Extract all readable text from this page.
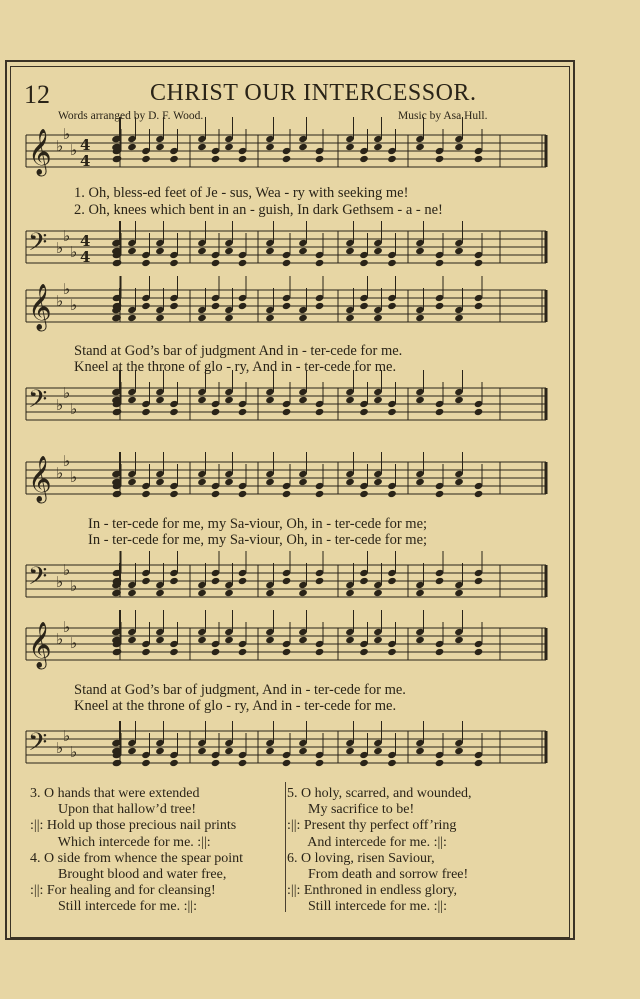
12	CHRIST OUR INTERCESSOR.
Words arranged by D. F. Wood.	Music by Asa Hull.
𝄞 ♭
♭
♭ 4
4
𝄢 ♭
♭
♭
4
4
𝄞 ♭
♭
♭
𝄢 ♭
♭
♭
𝄞 ♭
♭
♭
𝄢 ♭
♭
♭
𝄞 ♭
♭
♭
𝄢 ♭
♭
♭
1. Oh, bless-ed feet of Je - sus, Wea - ry with seeking me!
2. Oh, knees which bent in an - guish, In dark Gethsem - a - ne!
Stand at God’s bar of judgment And in - ter-cede for me.
Kneel at the throne of glo - ry, And in - ter-cede for me.
In - ter-cede for me, my Sa-viour, Oh, in - ter-cede for me;
In - ter-cede for me, my Sa-viour, Oh, in - ter-cede for me;
Stand at God’s bar of judgment, And in - ter-cede for me.
Kneel at the throne of glo - ry, And in - ter-cede for me.
3. O hands that were extended
Upon that hallow’d tree!
:||: Hold up those precious nail prints
Which intercede for me. :||:
4. O side from whence the spear point
Brought blood and water free,
:||: For healing and for cleansing!
Still intercede for me. :||:
5. O holy, scarred, and wounded,
My sacrifice to be!
:||: Present thy perfect off’ring
And intercede for me. :||:
6. O loving, risen Saviour,
From death and sorrow free!
:||: Enthroned in endless glory,
Still intercede for me. :||:
